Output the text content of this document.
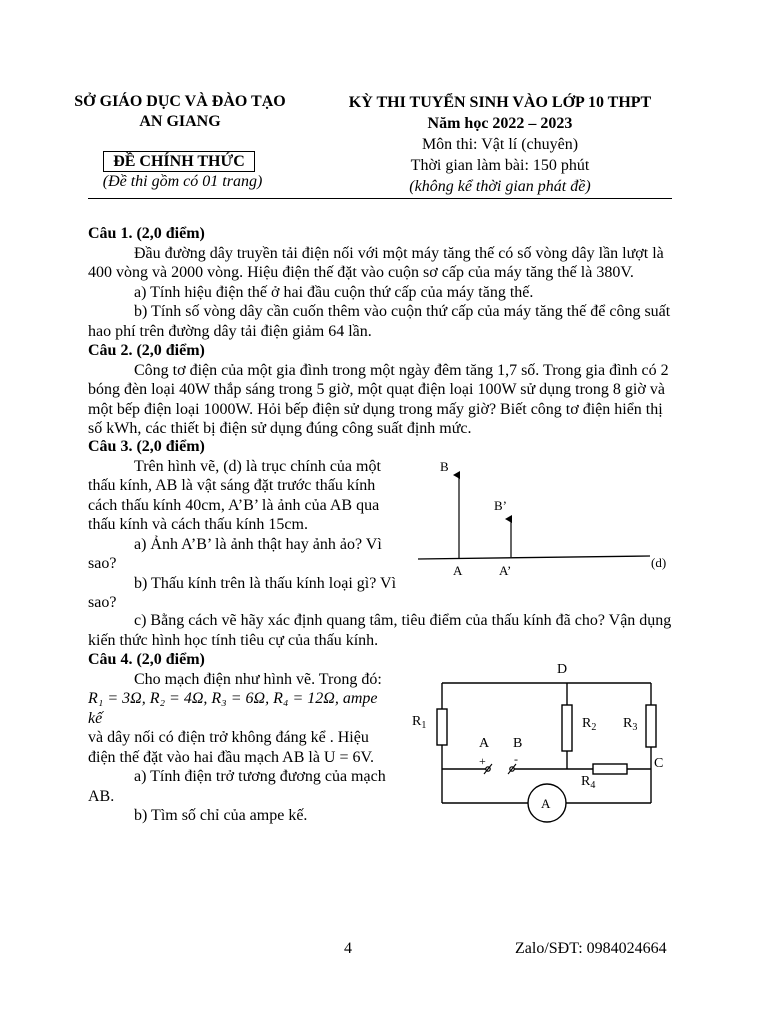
SỞ GIÁO DỤC VÀ ĐÀO TẠO
AN GIANG
ĐỀ CHÍNH THỨC
(Đề thi gồm có 01 trang)
KỲ THI TUYỂN SINH VÀO LỚP 10 THPT
Năm học 2022 – 2023
Môn thi: Vật lí (chuyên)
Thời gian làm bài: 150 phút
(không kể thời gian phát đề)

Câu 1. (2,0 điểm)

Đầu đường dây truyền tải điện nối với một máy tăng thế có số vòng dây lần lượt là 400 vòng và 2000 vòng. Hiệu điện thế đặt vào cuộn sơ cấp của máy tăng thế là 380V.

a) Tính hiệu điện thế ở hai đầu cuộn thứ cấp của máy tăng thế.

b) Tính số vòng dây cần cuốn thêm vào cuộn thứ cấp của máy tăng thế để công suất hao phí trên đường dây tải điện giảm 64 lần.

Câu 2. (2,0 điểm)

Công tơ điện của một gia đình trong một ngày đêm tăng 1,7 số. Trong gia đình có 2 bóng đèn loại 40W thắp sáng trong 5 giờ, một quạt điện loại 100W sử dụng trong 8 giờ và một bếp điện loại 1000W. Hỏi bếp điện sử dụng trong mấy giờ? Biết công tơ điện hiển thị số kWh, các thiết bị điện sử dụng đúng công suất định mức.

Câu 3. (2,0 điểm)

Trên hình vẽ, (d) là trục chính của một thấu kính, AB là vật sáng đặt trước thấu kính cách thấu kính 40cm, A’B’ là ảnh của AB qua thấu kính và cách thấu kính 15cm.

a) Ảnh A’B’ là ảnh thật hay ảnh ảo? Vì sao?

b) Thấu kính trên là thấu kính loại gì? Vì sao?

c) Bằng cách vẽ hãy xác định quang tâm, tiêu điểm của thấu kính đã cho? Vận dụng kiến thức hình học tính tiêu cự của thấu kính.

B
B’
A	A’
(d)

Câu 4. (2,0 điểm)

Cho mạch điện như hình vẽ. Trong đó:

R₁ = 3Ω, R₂ = 4Ω, R₃ = 6Ω, R₄ = 12Ω, ampe kế

và dây nối có điện trở không đáng kể . Hiệu điện thế đặt vào hai đầu mạch AB là U = 6V.

a) Tính điện trở tương đương của mạch AB.

b) Tìm số chỉ của ampe kế.

D
$R_1$	$R_2$ $R_3$
$R_4$
A B
C
+ -
A
4	Zalo/SĐT: 0984024664
